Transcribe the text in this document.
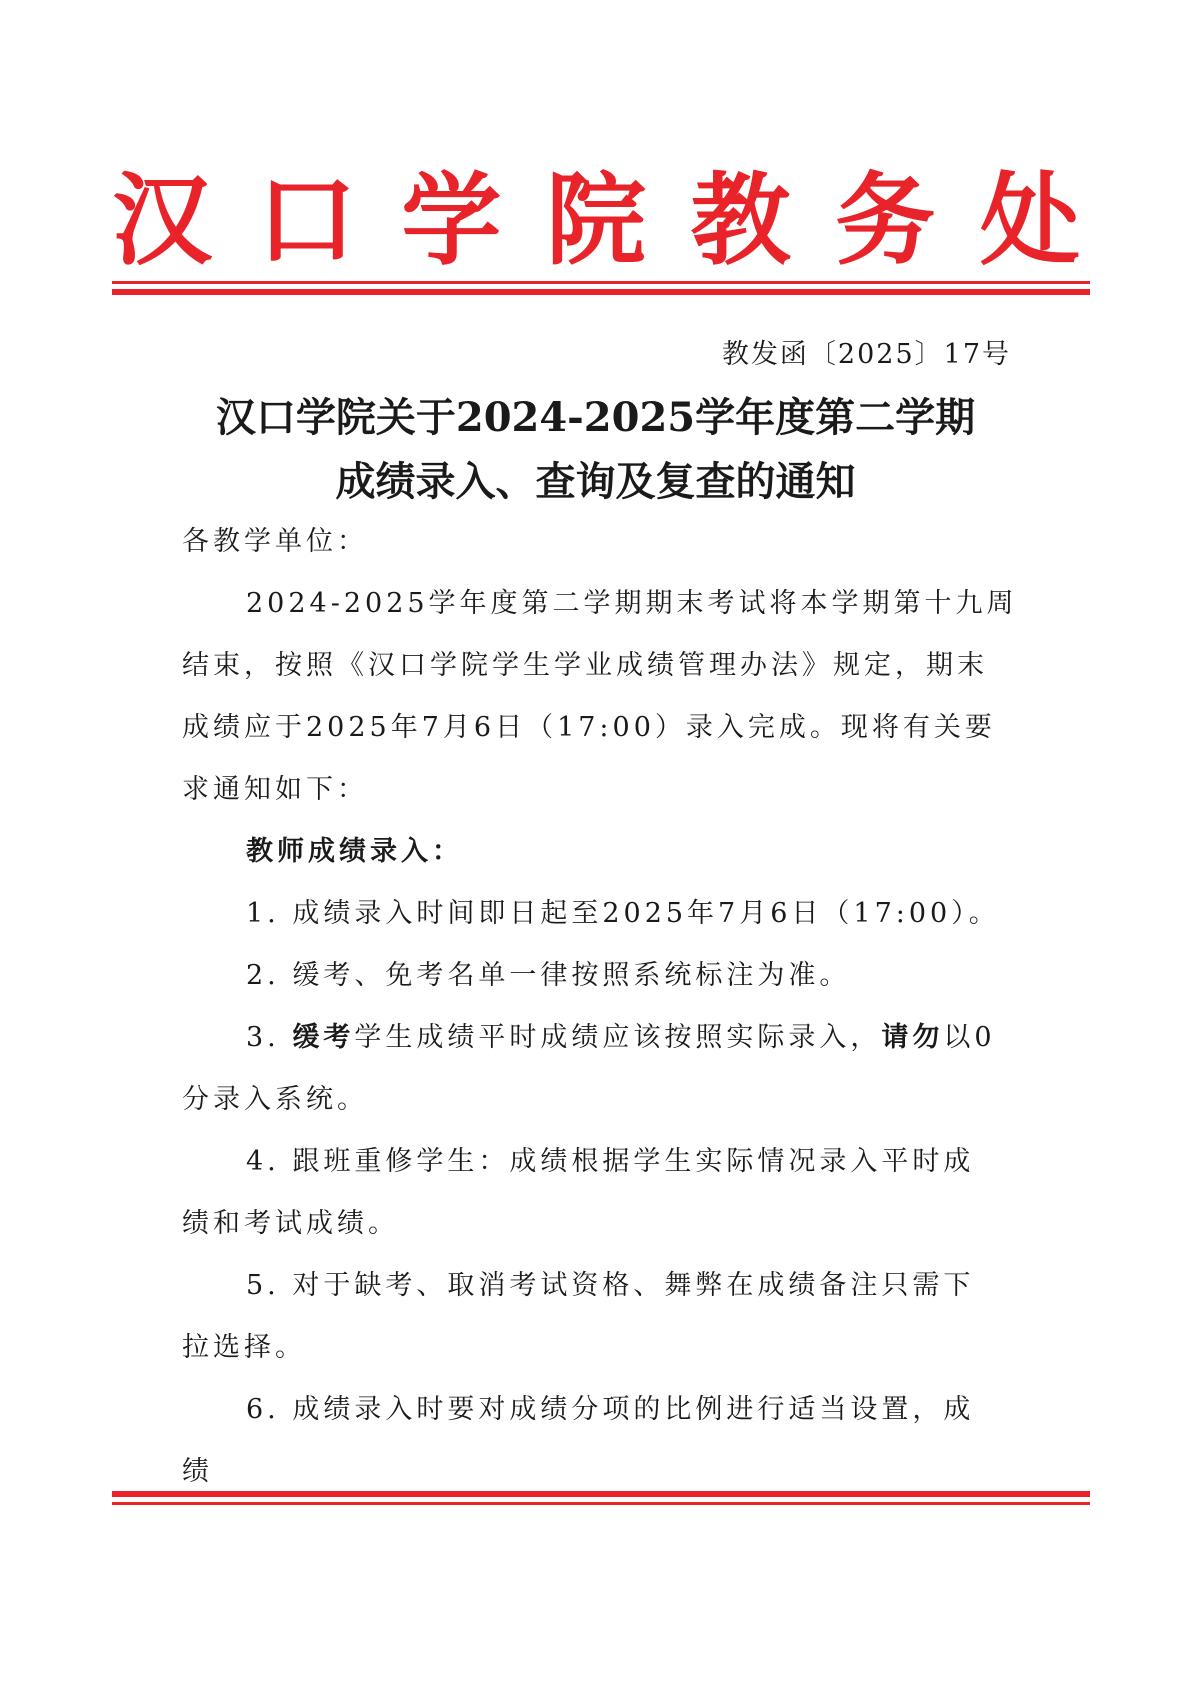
汉 口 学 院 教 务 处
教发函〔2025〕17号
汉口学院关于2024-2025学年度第二学期
成绩录入、查询及复查的通知
各教学单位：
2024-2025学年度第二学期期末考试将本学期第十九周
结束，按照《汉口学院学生学业成绩管理办法》规定，期末
成绩应于2025年7月6日（17:00）录入完成。现将有关要
求通知如下：
教师成绩录入：
1. 成绩录入时间即日起至2025年7月6日（17:00）。
2. 缓考、免考名单一律按照系统标注为准。
3. 缓考学生成绩平时成绩应该按照实际录入，请勿以0
分录入系统。
4. 跟班重修学生：成绩根据学生实际情况录入平时成
绩和考试成绩。
5. 对于缺考、取消考试资格、舞弊在成绩备注只需下
拉选择。
6. 成绩录入时要对成绩分项的比例进行适当设置，成
绩
